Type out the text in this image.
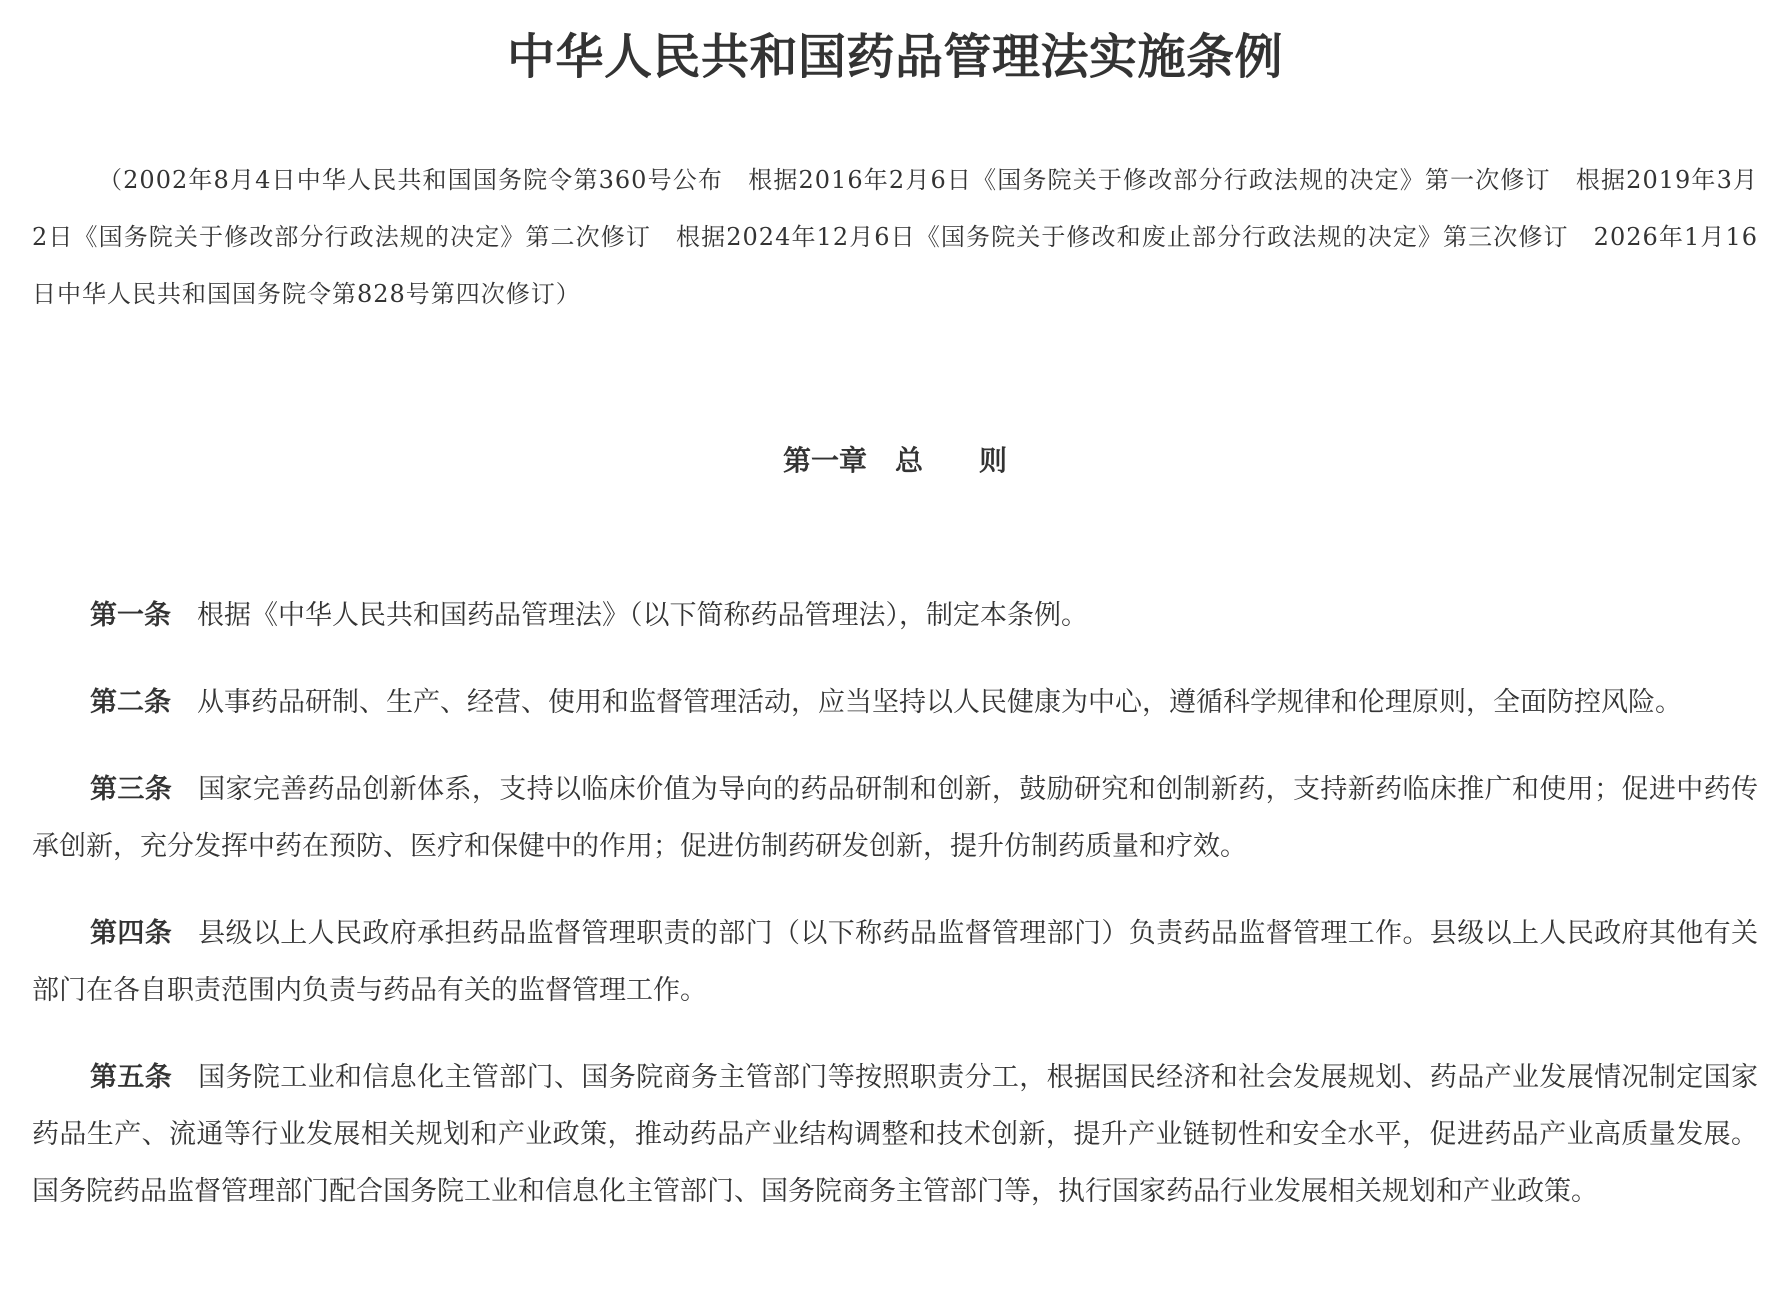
中华人民共和国药品管理法实施条例

（2002年8月4日中华人民共和国国务院令第360号公布　根据2016年2月6日《国务院关于修改部分行政法规的决定》第一次修订　根据2019年3月2日《国务院关于修改部分行政法规的决定》第二次修订　根据2024年12月6日《国务院关于修改和废止部分行政法规的决定》第三次修订　2026年1月16日中华人民共和国国务院令第828号第四次修订）

第一章　总　　则

第一条 根据《中华人民共和国药品管理法》（以下简称药品管理法），制定本条例。

第二条 从事药品研制、生产、经营、使用和监督管理活动，应当坚持以人民健康为中心，遵循科学规律和伦理原则，全面防控风险。

第三条 国家完善药品创新体系，支持以临床价值为导向的药品研制和创新，鼓励研究和创制新药，支持新药临床推广和使用；促进中药传承创新，充分发挥中药在预防、医疗和保健中的作用；促进仿制药研发创新，提升仿制药质量和疗效。

第四条 县级以上人民政府承担药品监督管理职责的部门（以下称药品监督管理部门）负责药品监督管理工作。县级以上人民政府其他有关部门在各自职责范围内负责与药品有关的监督管理工作。

第五条 国务院工业和信息化主管部门、国务院商务主管部门等按照职责分工，根据国民经济和社会发展规划、药品产业发展情况制定国家药品生产、流通等行业发展相关规划和产业政策，推动药品产业结构调整和技术创新，提升产业链韧性和安全水平，促进药品产业高质量发展。国务院药品监督管理部门配合国务院工业和信息化主管部门、国务院商务主管部门等，执行国家药品行业发展相关规划和产业政策。
